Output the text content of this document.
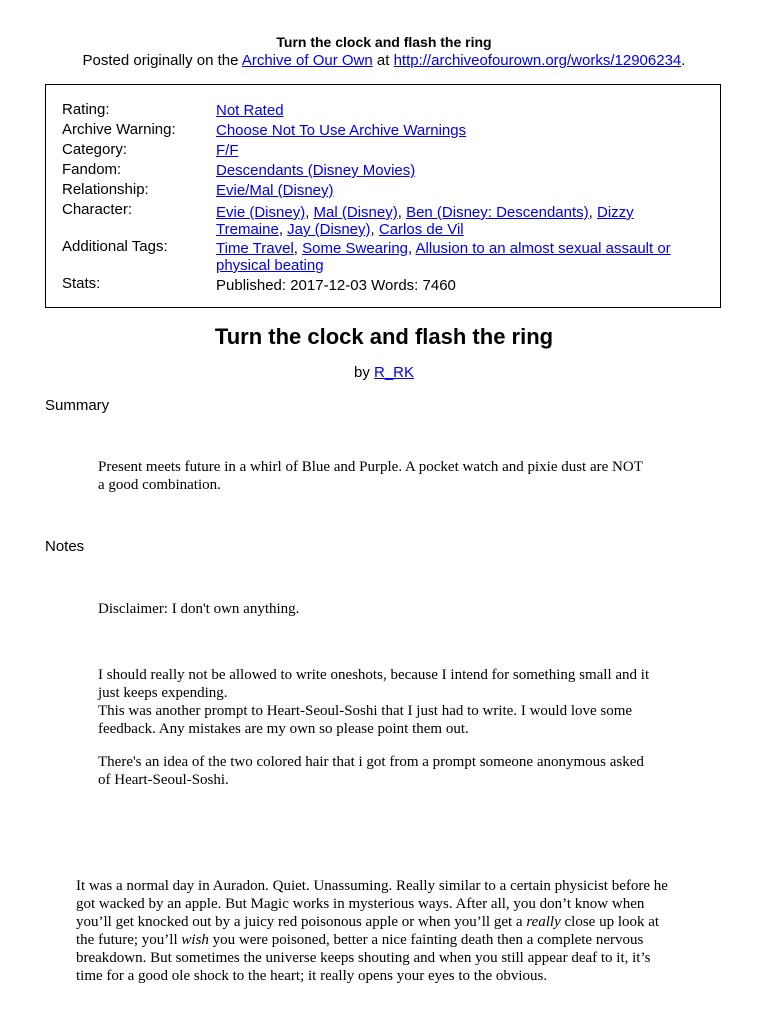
Turn the clock and flash the ring
Posted originally on the Archive of Our Own at http://archiveofourown.org/works/12906234.
Rating:	Not Rated
Archive Warning:	Choose Not To Use Archive Warnings
Category:	F/F
Fandom:	Descendants (Disney Movies)
Relationship:	Evie/Mal (Disney)
Character:	Evie (Disney), Mal (Disney), Ben (Disney: Descendants), Dizzy
Tremaine, Jay (Disney), Carlos de Vil
Additional Tags:	Time Travel, Some Swearing, Allusion to an almost sexual assault or
physical beating
Stats:	Published: 2017-12-03 Words: 7460
Turn the clock and flash the ring
by R_RK
Summary
Present meets future in a whirl of Blue and Purple. A pocket watch and pixie dust are NOT
a good combination.
Notes
Disclaimer: I don't own anything.
I should really not be allowed to write oneshots, because I intend for something small and it
just keeps expending.
This was another prompt to Heart-Seoul-Soshi that I just had to write. I would love some
feedback. Any mistakes are my own so please point them out.
There's an idea of the two colored hair that i got from a prompt someone anonymous asked
of Heart-Seoul-Soshi.
It was a normal day in Auradon. Quiet. Unassuming. Really similar to a certain physicist before he
got wacked by an apple. But Magic works in mysterious ways. After all, you don’t know when
you’ll get knocked out by a juicy red poisonous apple or when you’ll get a really close up look at
the future; you’ll wish you were poisoned, better a nice fainting death then a complete nervous
breakdown. But sometimes the universe keeps shouting and when you still appear deaf to it, it’s
time for a good ole shock to the heart; it really opens your eyes to the obvious.
